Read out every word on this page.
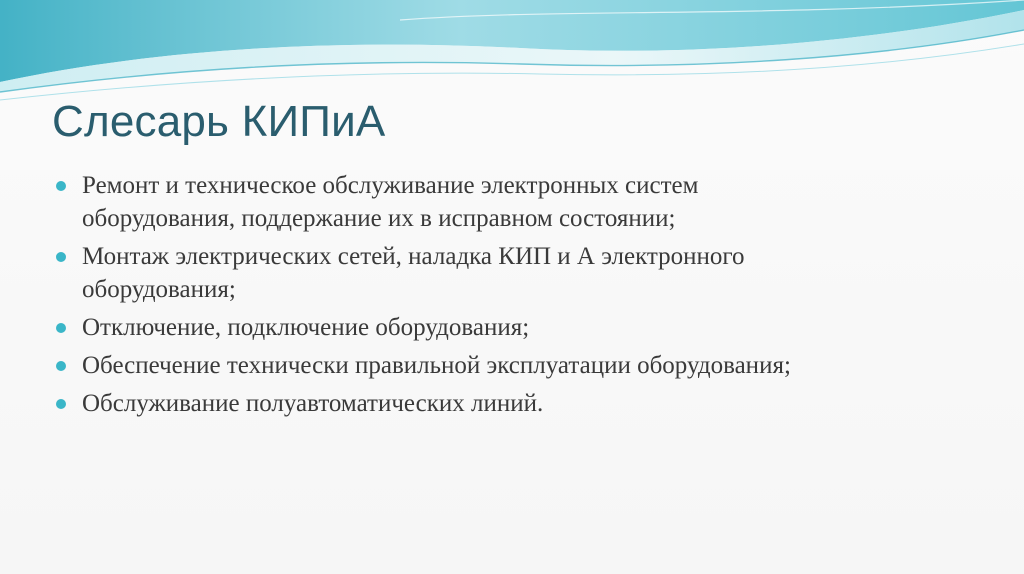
Слесарь КИПиА
Ремонт и техническое обслуживание электронных систем
оборудования, поддержание их в исправном состоянии;
Монтаж электрических сетей, наладка КИП и А электронного
оборудования;
Отключение, подключение оборудования;
Обеспечение технически правильной эксплуатации оборудования;
Обслуживание полуавтоматических линий.
